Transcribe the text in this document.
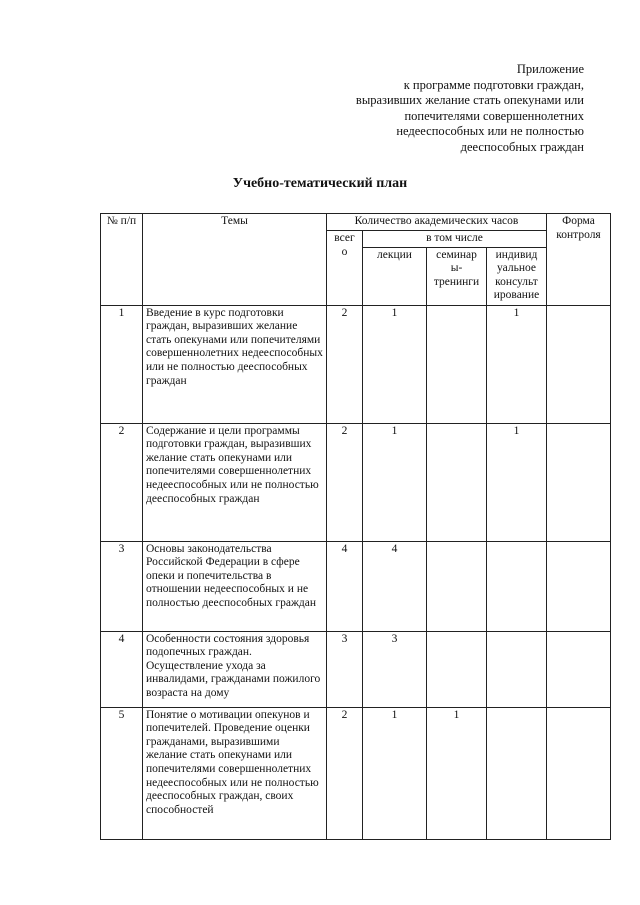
Приложение
к программе подготовки граждан,
выразивших желание стать опекунами или
попечителями совершеннолетних
недееспособных или не полностью
дееспособных граждан
Учебно-тематический план
№ п/п	Темы	Количество академических часов				Форма контроля
		всег о	в том числе			
			лекции	семинар ы- тренинги	индивид уальное консульт ирование	
1	Введение в курс подготовки граждан, выразивших желание стать опекунами или попечителями совершеннолетних недееспособных или не полностью дееспособных граждан	2	1		1	
2	Содержание и цели программы подготовки граждан, выразивших желание стать опекунами или попечителями совершеннолетних недееспособных или не полностью дееспособных граждан	2	1		1	
3	Основы законодательства Российской Федерации в сфере опеки и попечительства в отношении недееспособных и не полностью дееспособных граждан	4	4			
4	Особенности состояния здоровья подопечных граждан. Осуществление ухода за инвалидами, гражданами пожилого возраста на дому	3	3			
5	Понятие о мотивации опекунов и попечителей. Проведение оценки гражданами, выразившими желание стать опекунами или попечителями совершеннолетних недееспособных или не полностью дееспособных граждан, своих способностей	2	1	1		
